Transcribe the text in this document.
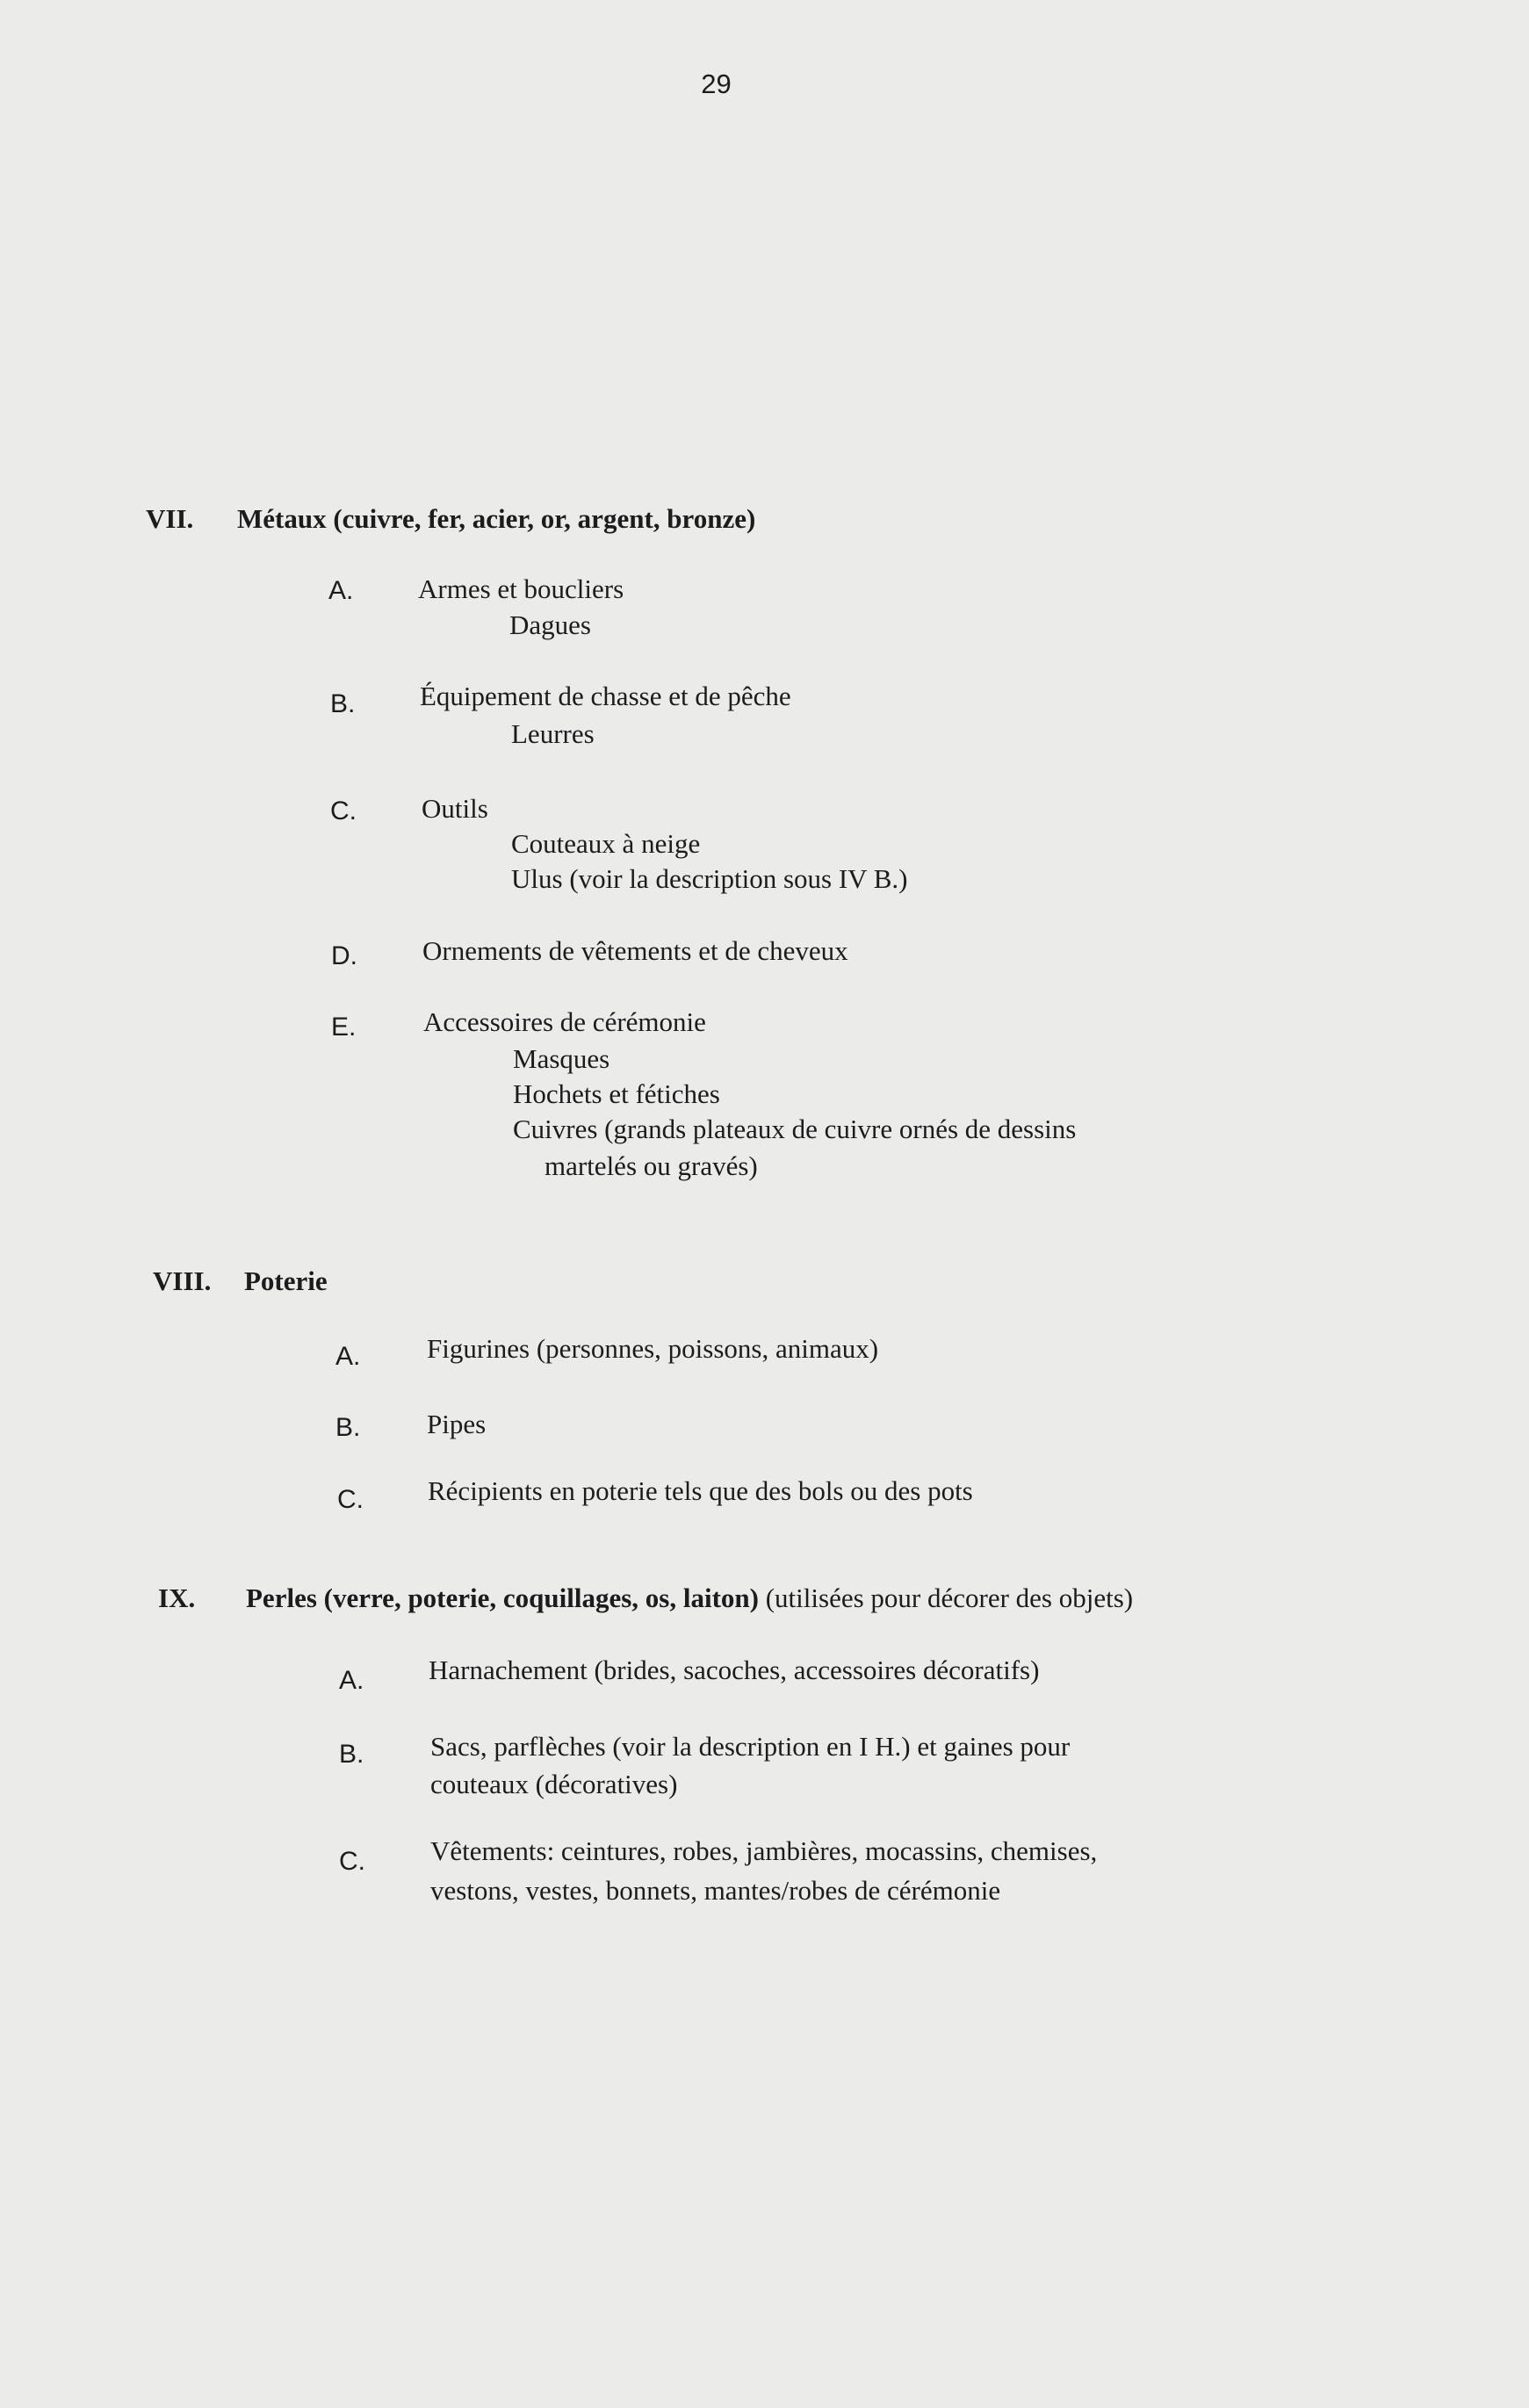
29
VII. Métaux (cuivre, fer, acier, or, argent, bronze)
A. Armes et boucliers
Dagues
B. Équipement de chasse et de pêche
Leurres
C. Outils
Couteaux à neige
Ulus (voir la description sous IV B.)
D. Ornements de vêtements et de cheveux
E. Accessoires de cérémonie
Masques
Hochets et fétiches
Cuivres (grands plateaux de cuivre ornés de dessins
martelés ou gravés)
VIII. Poterie
A. Figurines (personnes, poissons, animaux)
B. Pipes
C. Récipients en poterie tels que des bols ou des pots
IX. Perles (verre, poterie, coquillages, os, laiton) (utilisées pour décorer des objets)
A. Harnachement (brides, sacoches, accessoires décoratifs)
B. Sacs, parflèches (voir la description en I H.) et gaines pour
couteaux (décoratives)
C. Vêtements: ceintures, robes, jambières, mocassins, chemises,
vestons, vestes, bonnets, mantes/robes de cérémonie
